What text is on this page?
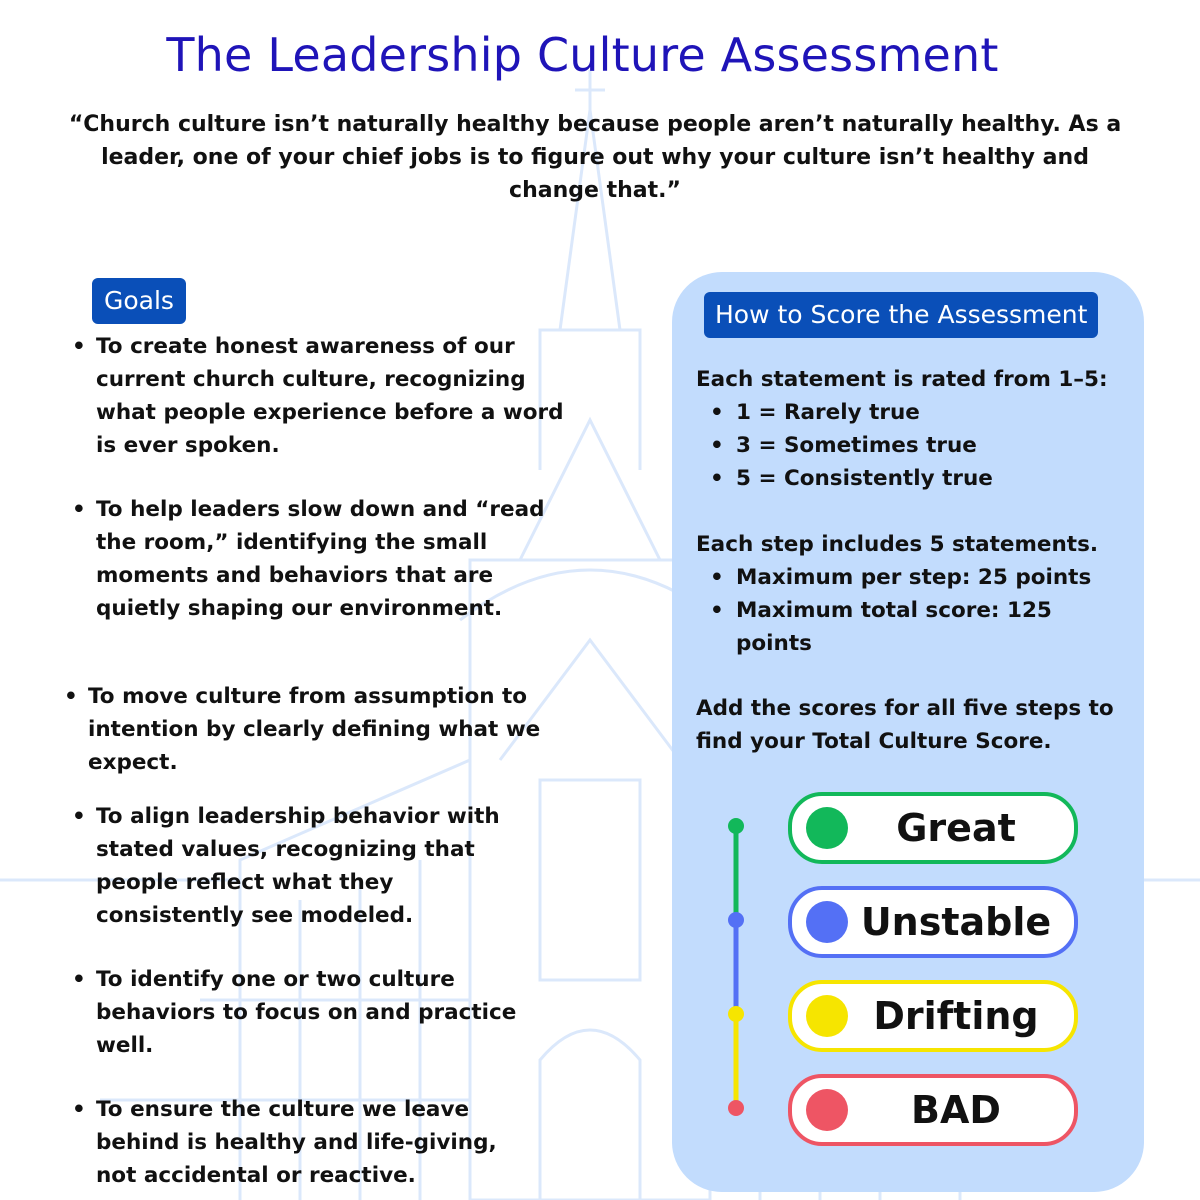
The Leadership Culture Assessment
“Church culture isn’t naturally healthy because people aren’t naturally healthy. As a leader, one of your chief jobs is to figure out why your culture isn’t healthy and change that.”
Goals
• To create honest awareness of our current church culture, recognizing what people experience before a word is ever spoken.
• To help leaders slow down and “read the room,” identifying the small moments and behaviors that are quietly shaping our environment.
• To move culture from assumption to intention by clearly defining what we expect.
• To align leadership behavior with stated values, recognizing that people reflect what they consistently see modeled.
• To identify one or two culture behaviors to focus on and practice well.
• To ensure the culture we leave behind is healthy and life-giving, not accidental or reactive.
How to Score the Assessment
Each statement is rated from 1–5:
• 1 = Rarely true
• 3 = Sometimes true
• 5 = Consistently true
Each step includes 5 statements.
• Maximum per step: 25 points
• Maximum total score: 125 points
Add the scores for all five steps to find your Total Culture Score.
Great
Unstable
Drifting
BAD
